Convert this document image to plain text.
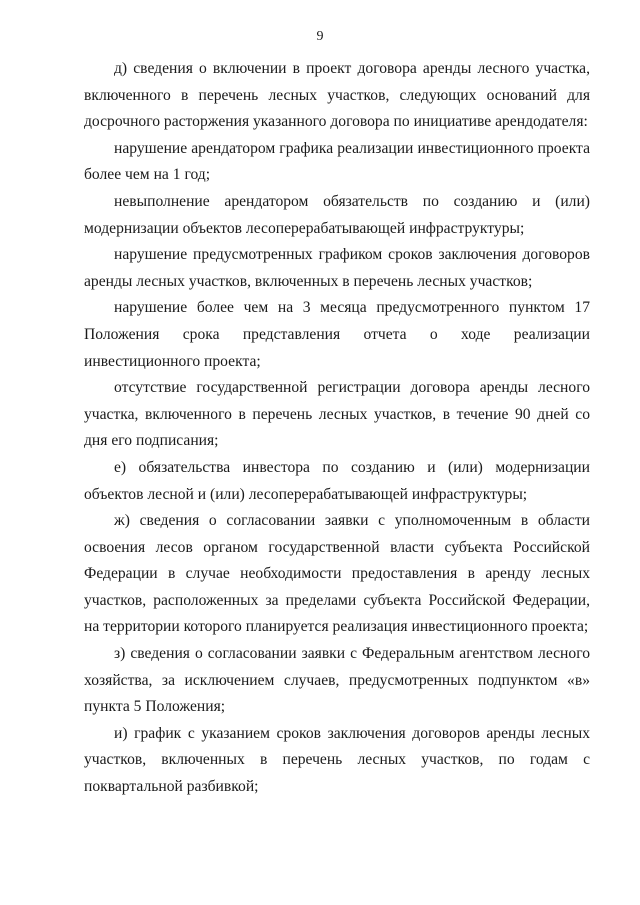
9

д) сведения о включении в проект договора аренды лесного участка, включенного в перечень лесных участков, следующих оснований для досрочного расторжения указанного договора по инициативе арендодателя:

нарушение арендатором графика реализации инвестиционного проекта более чем на 1 год;

невыполнение арендатором обязательств по созданию и (или) модернизации объектов лесоперерабатывающей инфраструктуры;

нарушение предусмотренных графиком сроков заключения договоров аренды лесных участков, включенных в перечень лесных участков;

нарушение более чем на 3 месяца предусмотренного пунктом 17 Положения срока представления отчета о ходе реализации инвестиционного проекта;

отсутствие государственной регистрации договора аренды лесного участка, включенного в перечень лесных участков, в течение 90 дней со дня его подписания;

е) обязательства инвестора по созданию и (или) модернизации объектов лесной и (или) лесоперерабатывающей инфраструктуры;

ж) сведения о согласовании заявки с уполномоченным в области освоения лесов органом государственной власти субъекта Российской Федерации в случае необходимости предоставления в аренду лесных участков, расположенных за пределами субъекта Российской Федерации, на территории которого планируется реализация инвестиционного проекта;

з) сведения о согласовании заявки с Федеральным агентством лесного хозяйства, за исключением случаев, предусмотренных подпунктом «в» пункта 5 Положения;

и) график с указанием сроков заключения договоров аренды лесных участков, включенных в перечень лесных участков, по годам с поквартальной разбивкой;
